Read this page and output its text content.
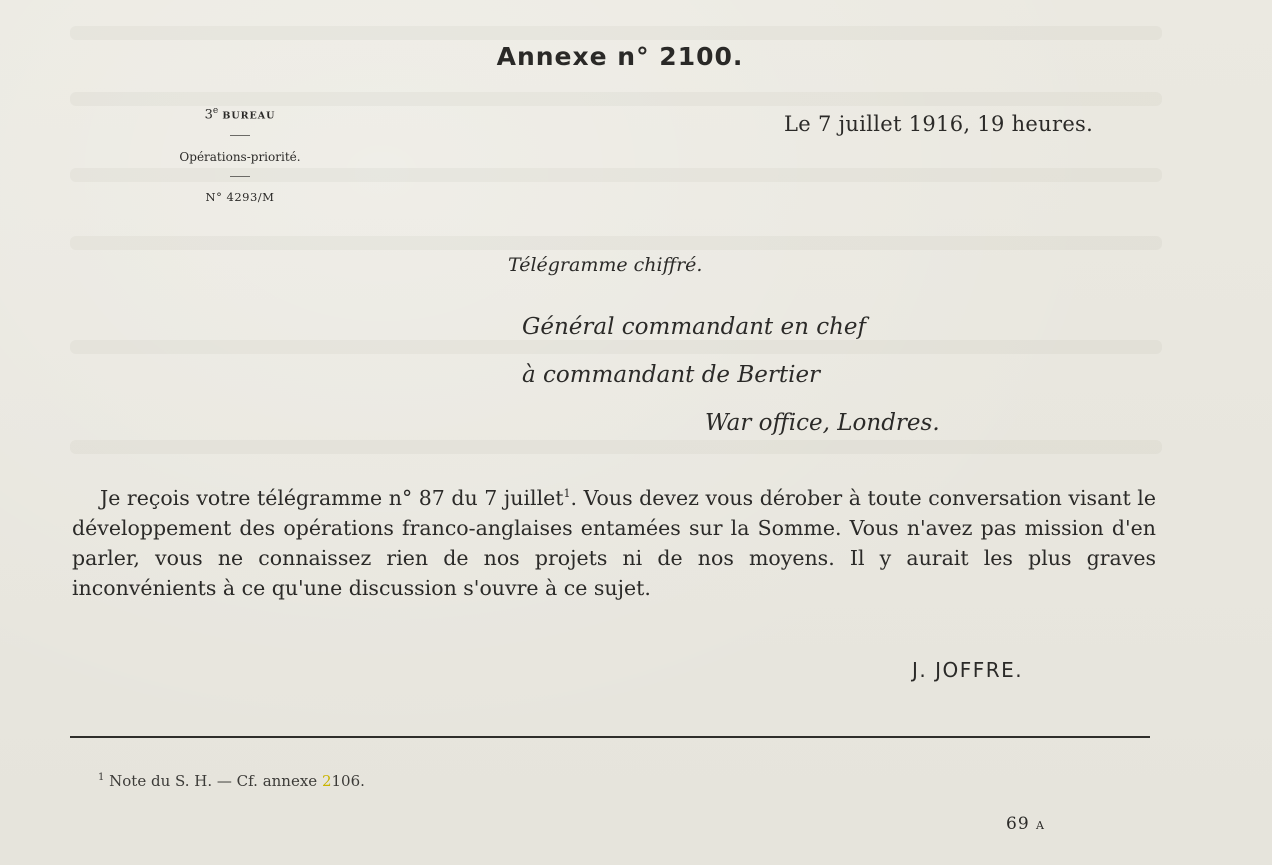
Annexe n° 2100.
3e BUREAU
Opérations-priorité.
N° 4293/M
Le 7 juillet 1916, 19 heures.
Télégramme chiffré.
Général commandant en chef
à commandant de Bertier
War office, Londres.
Je reçois votre télégramme n° 87 du 7 juillet$^1$. Vous devez vous dérober à toute conversation visant le développement des opérations franco-anglaises entamées sur la Somme. Vous n'avez pas mission d'en parler, vous ne connaissez rien de nos projets ni de nos moyens. Il y aurait les plus graves inconvénients à ce qu'une discussion s'ouvre à ce sujet.
J. JOFFRE.
$^1$ Note du S. H. — Cf. annexe 2106.
69 A
